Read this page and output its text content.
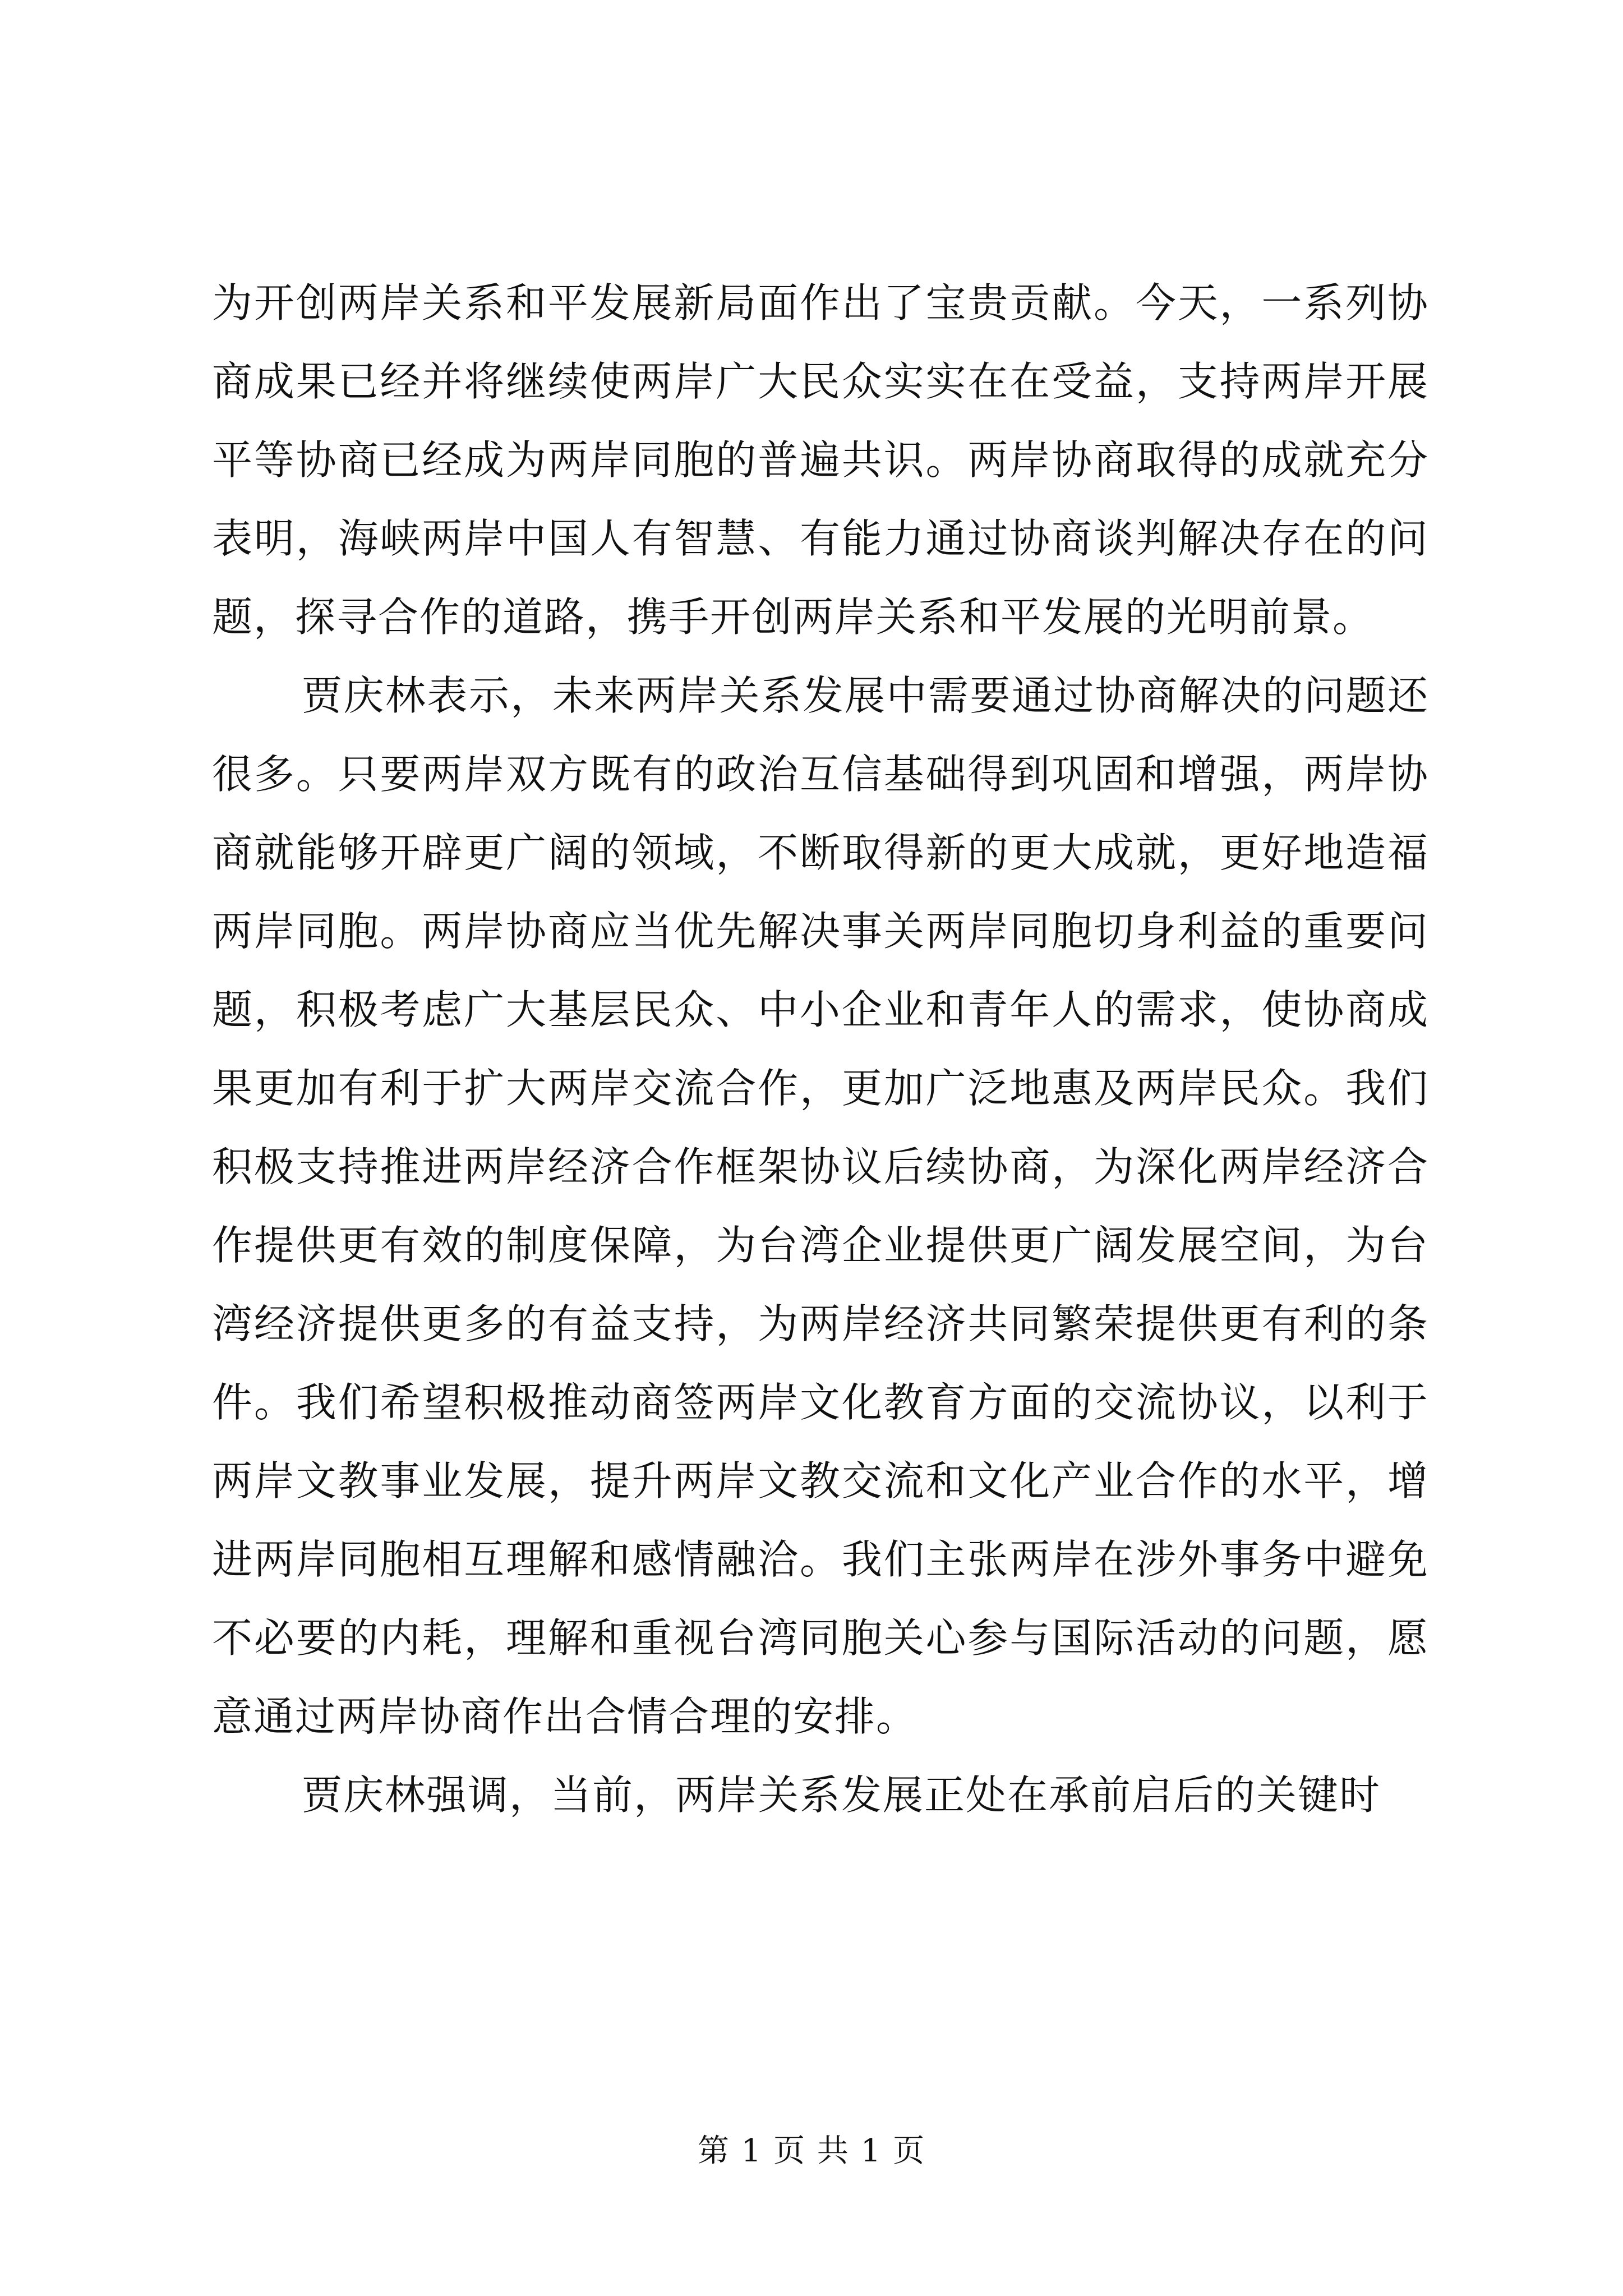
为开创两岸关系和平发展新局面作出了宝贵贡献。今天，一系列协商成果已经并将继续使两岸广大民众实实在在受益，支持两岸开展平等协商已经成为两岸同胞的普遍共识。两岸协商取得的成就充分表明，海峡两岸中国人有智慧、有能力通过协商谈判解决存在的问题，探寻合作的道路，携手开创两岸关系和平发展的光明前景。

贾庆林表示，未来两岸关系发展中需要通过协商解决的问题还很多。只要两岸双方既有的政治互信基础得到巩固和增强，两岸协商就能够开辟更广阔的领域，不断取得新的更大成就，更好地造福两岸同胞。两岸协商应当优先解决事关两岸同胞切身利益的重要问题，积极考虑广大基层民众、中小企业和青年人的需求，使协商成果更加有利于扩大两岸交流合作，更加广泛地惠及两岸民众。我们积极支持推进两岸经济合作框架协议后续协商，为深化两岸经济合作提供更有效的制度保障，为台湾企业提供更广阔发展空间，为台湾经济提供更多的有益支持，为两岸经济共同繁荣提供更有利的条件。我们希望积极推动商签两岸文化教育方面的交流协议，以利于两岸文教事业发展，提升两岸文教交流和文化产业合作的水平，增进两岸同胞相互理解和感情融洽。我们主张两岸在涉外事务中避免不必要的内耗，理解和重视台湾同胞关心参与国际活动的问题，愿意通过两岸协商作出合情合理的安排。

贾庆林强调，当前，两岸关系发展正处在承前启后的关键时

第 1 页 共 1 页
